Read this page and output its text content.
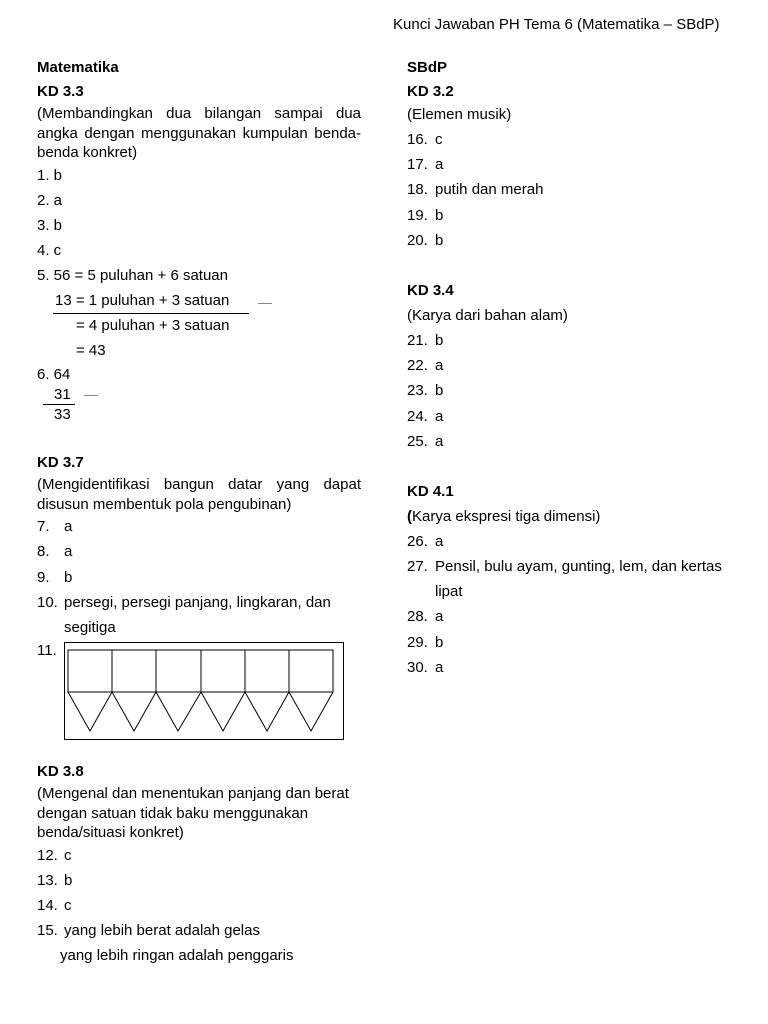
Kunci Jawaban PH Tema 6 (Matematika – SBdP)
Matematika
KD 3.3
(Membandingkan dua bilangan sampai dua angka dengan menggunakan kumpulan benda-benda konkret)
1. b
2. a
3. b
4. c
5. 56 = 5 puluhan + 6 satuan
13 = 1 puluhan + 3 satuan
= 4 puluhan + 3 satuan
= 43
6. 64
31
33
KD 3.7
(Mengidentifikasi bangun datar yang dapat disusun membentuk pola pengubinan)
7. a
8. a
9. b
10. persegi, persegi panjang, lingkaran, dan
segitiga
11.
KD 3.8
(Mengenal dan menentukan panjang dan berat dengan satuan tidak baku menggunakan benda/situasi konkret)
12. c
13. b
14. c
15. yang lebih berat adalah gelas
yang lebih ringan adalah penggaris
SBdP
KD 3.2
(Elemen musik)
16. c
17. a
18. putih dan merah
19. b
20. b
KD 3.4
(Karya dari bahan alam)
21. b
22. a
23. b
24. a
25. a
KD 4.1
(Karya ekspresi tiga dimensi)
26. a
27. Pensil, bulu ayam, gunting, lem, dan kertas
lipat
28. a
29. b
30. a
